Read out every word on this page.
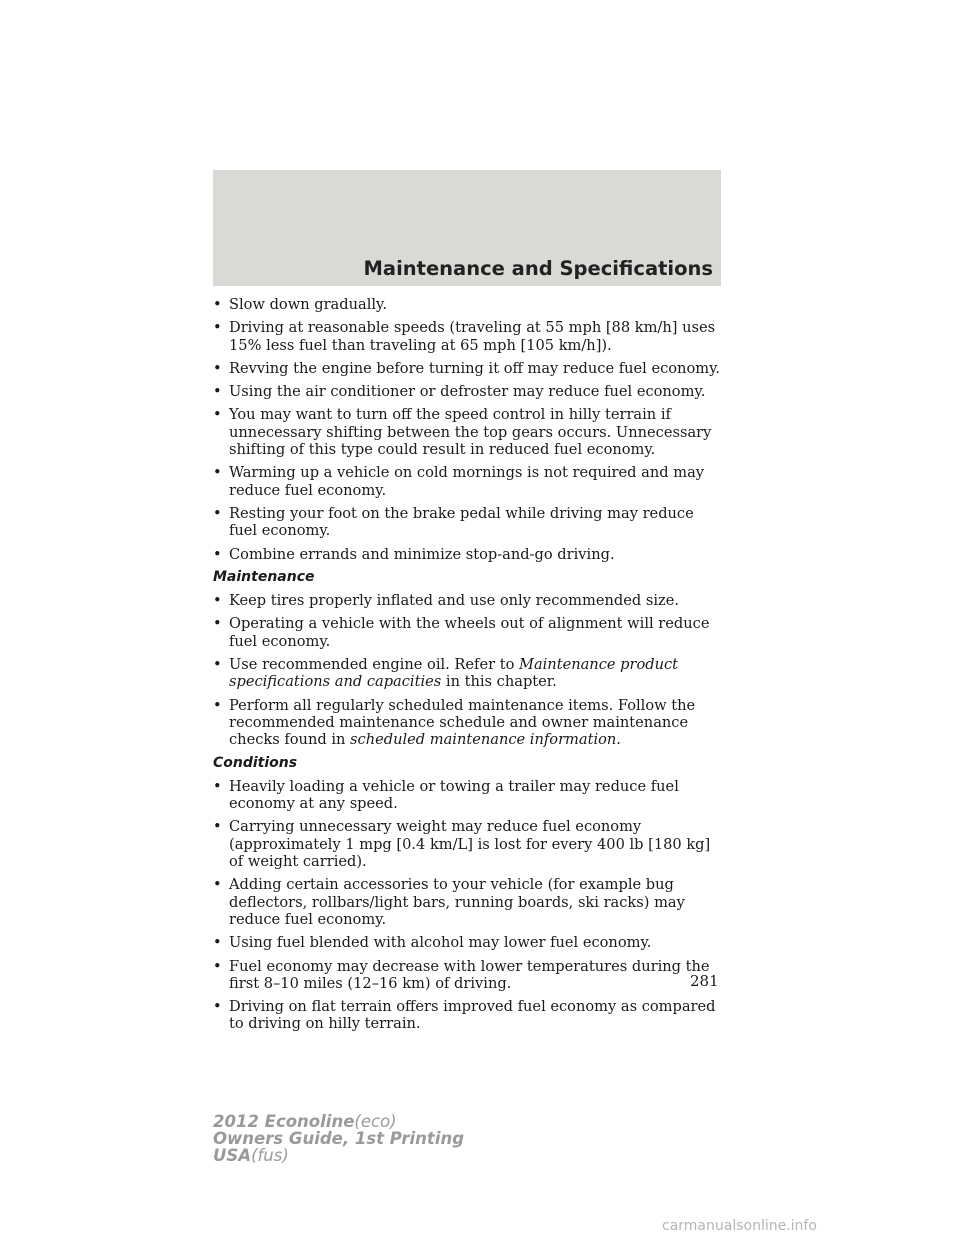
Maintenance and Specifications

• Slow down gradually.

• Driving at reasonable speeds (traveling at 55 mph [88 km/h] uses 15% less fuel than traveling at 65 mph [105 km/h]).

• Revving the engine before turning it off may reduce fuel economy.

• Using the air conditioner or defroster may reduce fuel economy.

• You may want to turn off the speed control in hilly terrain if unnecessary shifting between the top gears occurs. Unnecessary shifting of this type could result in reduced fuel economy.

• Warming up a vehicle on cold mornings is not required and may reduce fuel economy.

• Resting your foot on the brake pedal while driving may reduce fuel economy.

• Combine errands and minimize stop-and-go driving.

Maintenance

• Keep tires properly inflated and use only recommended size.

• Operating a vehicle with the wheels out of alignment will reduce fuel economy.

• Use recommended engine oil. Refer to Maintenance product specifications and capacities in this chapter.

• Perform all regularly scheduled maintenance items. Follow the recommended maintenance schedule and owner maintenance checks found in scheduled maintenance information.

Conditions

• Heavily loading a vehicle or towing a trailer may reduce fuel economy at any speed.

• Carrying unnecessary weight may reduce fuel economy (approximately 1 mpg [0.4 km/L] is lost for every 400 lb [180 kg] of weight carried).

• Adding certain accessories to your vehicle (for example bug deflectors, rollbars/light bars, running boards, ski racks) may reduce fuel economy.

• Using fuel blended with alcohol may lower fuel economy.

• Fuel economy may decrease with lower temperatures during the first 8–10 miles (12–16 km) of driving.

• Driving on flat terrain offers improved fuel economy as compared to driving on hilly terrain.

281
2012 Econoline(eco)
Owners Guide, 1st Printing
USA(fus)
carmanualsonline.info
